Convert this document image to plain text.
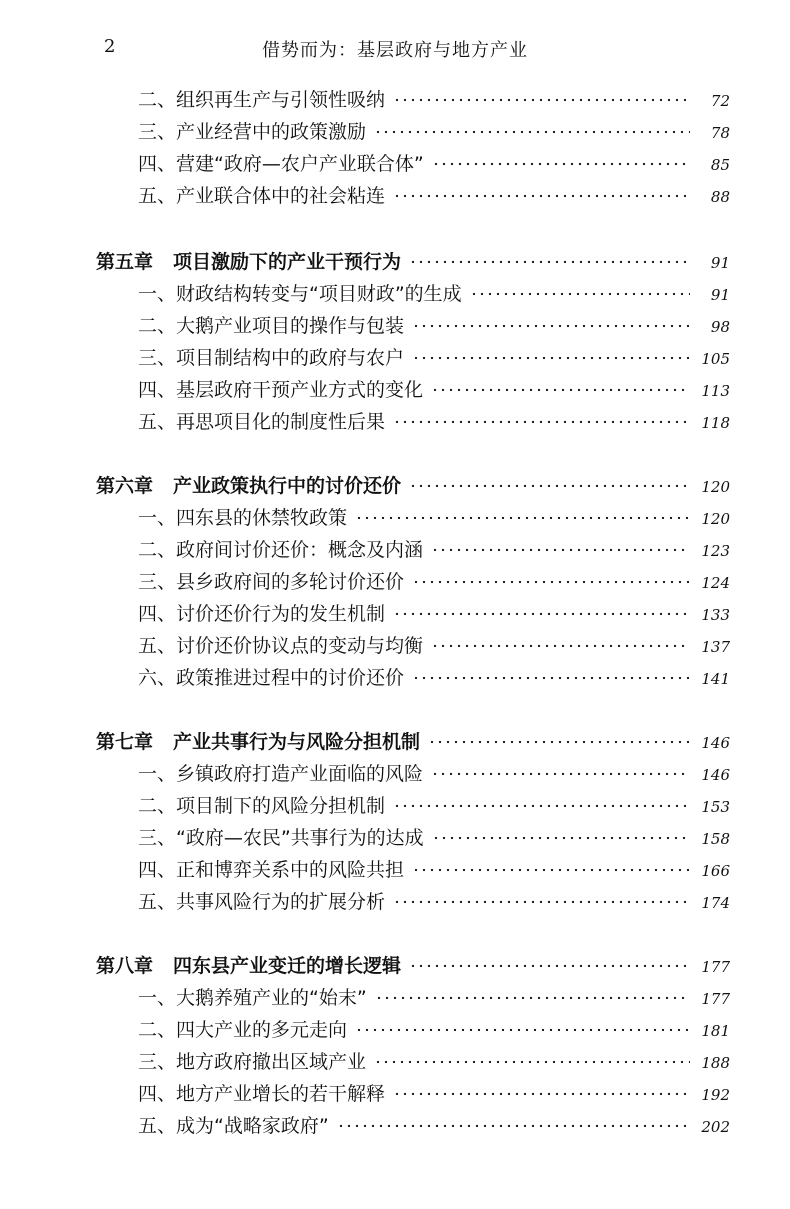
2	借势而为：基层政府与地方产业
二、组织再生产与引领性吸纳	72
三、产业经营中的政策激励	78
四、营建“政府—农户产业联合体”	85
五、产业联合体中的社会粘连	88
第五章 项目激励下的产业干预行为	91
一、财政结构转变与“项目财政”的生成	91
二、大鹅产业项目的操作与包装	98
三、项目制结构中的政府与农户	105
四、基层政府干预产业方式的变化	113
五、再思项目化的制度性后果	118
第六章 产业政策执行中的讨价还价	120
一、四东县的休禁牧政策	120
二、政府间讨价还价：概念及内涵	123
三、县乡政府间的多轮讨价还价	124
四、讨价还价行为的发生机制	133
五、讨价还价协议点的变动与均衡	137
六、政策推进过程中的讨价还价	141
第七章 产业共事行为与风险分担机制	146
一、乡镇政府打造产业面临的风险	146
二、项目制下的风险分担机制	153
三、“政府—农民”共事行为的达成	158
四、正和博弈关系中的风险共担	166
五、共事风险行为的扩展分析	174
第八章 四东县产业变迁的增长逻辑	177
一、大鹅养殖产业的“始末”	177
二、四大产业的多元走向	181
三、地方政府撤出区域产业	188
四、地方产业增长的若干解释	192
五、成为“战略家政府”	202
